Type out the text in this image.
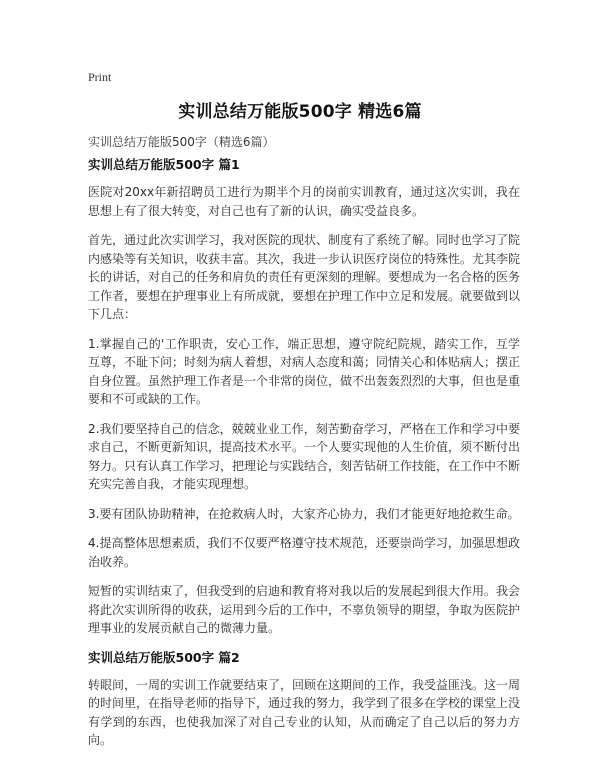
Print
实训总结万能版500字 精选6篇
实训总结万能版500字（精选6篇）
实训总结万能版500字 篇1

医院对20xx年新招聘员工进行为期半个月的岗前实训教育，通过这次实训，我在思想上有了很大转变，对自己也有了新的认识，确实受益良多。

首先，通过此次实训学习，我对医院的现状、制度有了系统了解。同时也学习了院内感染等有关知识，收获丰富。其次，我进一步认识医疗岗位的特殊性。尤其李院长的讲话，对自己的任务和肩负的责任有更深刻的理解。要想成为一名合格的医务工作者，要想在护理事业上有所成就，要想在护理工作中立足和发展。就要做到以下几点：

1.掌握自己的'工作职责，安心工作，端正思想，遵守院纪院规，踏实工作，互学互尊，不耻下问；时刻为病人着想，对病人态度和蔼；同情关心和体贴病人；摆正自身位置。虽然护理工作者是一个非常的岗位，做不出轰轰烈烈的大事，但也是重要和不可或缺的工作。

2.我们要坚持自己的信念，兢兢业业工作，刻苦勤奋学习，严格在工作和学习中要求自己，不断更新知识，提高技术水平。一个人要实现他的人生价值，须不断付出努力。只有认真工作学习，把理论与实践结合，刻苦钻研工作技能，在工作中不断充实完善自我，才能实现理想。

3.要有团队协助精神，在抢救病人时，大家齐心协力，我们才能更好地抢救生命。

4.提高整体思想素质，我们不仅要严格遵守技术规范，还要崇尚学习，加强思想政治收养。

短暂的实训结束了，但我受到的启迪和教育将对我以后的发展起到很大作用。我会将此次实训所得的收获，运用到今后的工作中，不辜负领导的期望，争取为医院护理事业的发展贡献自己的微薄力量。

实训总结万能版500字 篇2

转眼间，一周的实训工作就要结束了，回顾在这期间的工作，我受益匪浅。这一周的时间里，在指导老师的指导下，通过我的努力，我学到了很多在学校的课堂上没有学到的东西，也使我加深了对自己专业的认知，从而确定了自己以后的努力方向。
